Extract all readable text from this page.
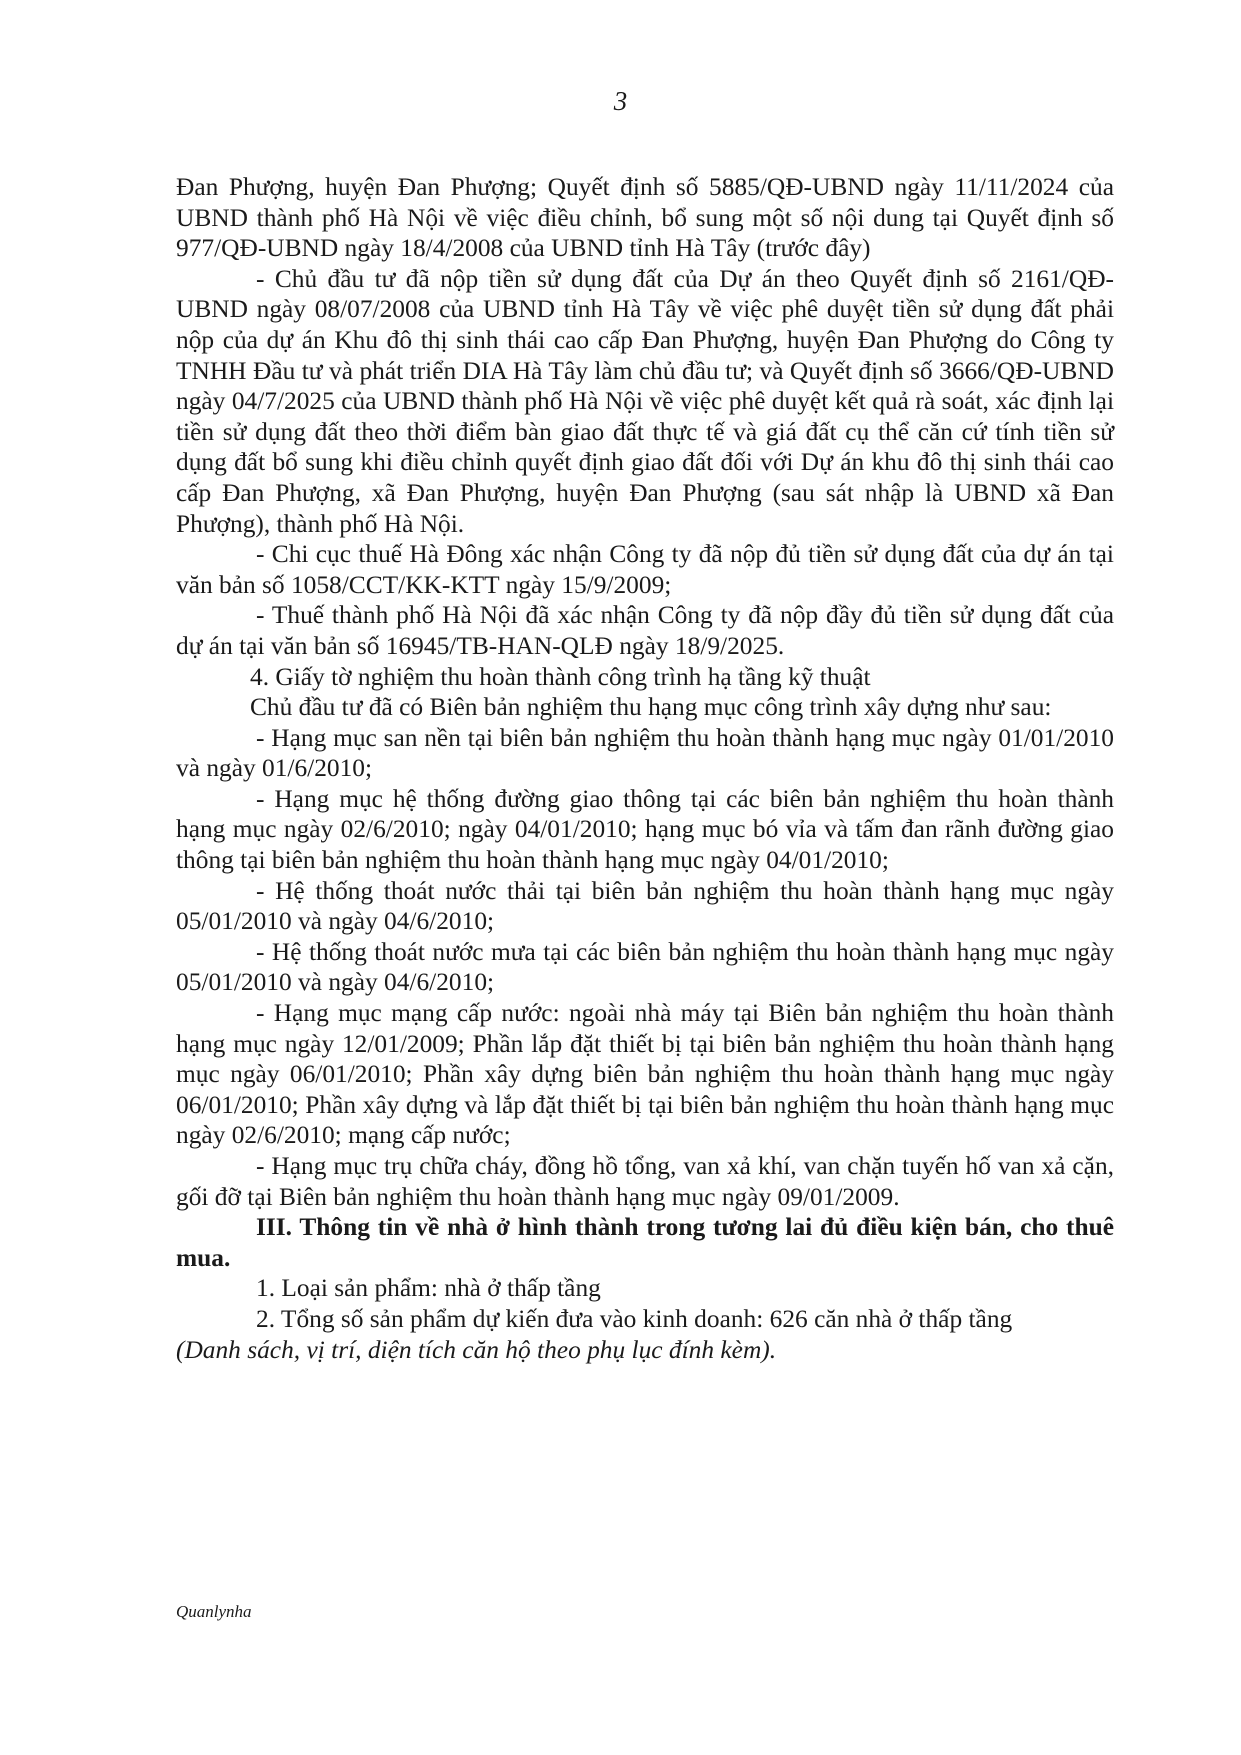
3

Đan Phượng, huyện Đan Phượng; Quyết định số 5885/QĐ-UBND ngày 11/11/2024 của UBND thành phố Hà Nội về việc điều chỉnh, bổ sung một số nội dung tại Quyết định số 977/QĐ-UBND ngày 18/4/2008 của UBND tỉnh Hà Tây (trước đây)

- Chủ đầu tư đã nộp tiền sử dụng đất của Dự án theo Quyết định số 2161/QĐ-UBND ngày 08/07/2008 của UBND tỉnh Hà Tây về việc phê duyệt tiền sử dụng đất phải nộp của dự án Khu đô thị sinh thái cao cấp Đan Phượng, huyện Đan Phượng do Công ty TNHH Đầu tư và phát triển DIA Hà Tây làm chủ đầu tư; và Quyết định số 3666/QĐ-UBND ngày 04/7/2025 của UBND thành phố Hà Nội về việc phê duyệt kết quả rà soát, xác định lại tiền sử dụng đất theo thời điểm bàn giao đất thực tế và giá đất cụ thể căn cứ tính tiền sử dụng đất bổ sung khi điều chỉnh quyết định giao đất đối với Dự án khu đô thị sinh thái cao cấp Đan Phượng, xã Đan Phượng, huyện Đan Phượng (sau sát nhập là UBND xã Đan Phượng), thành phố Hà Nội.

- Chi cục thuế Hà Đông xác nhận Công ty đã nộp đủ tiền sử dụng đất của dự án tại văn bản số 1058/CCT/KK-KTT ngày 15/9/2009;

- Thuế thành phố Hà Nội đã xác nhận Công ty đã nộp đầy đủ tiền sử dụng đất của dự án tại văn bản số 16945/TB-HAN-QLĐ ngày 18/9/2025.

4. Giấy tờ nghiệm thu hoàn thành công trình hạ tầng kỹ thuật

Chủ đầu tư đã có Biên bản nghiệm thu hạng mục công trình xây dựng như sau:

- Hạng mục san nền tại biên bản nghiệm thu hoàn thành hạng mục ngày 01/01/2010 và ngày 01/6/2010;

- Hạng mục hệ thống đường giao thông tại các biên bản nghiệm thu hoàn thành hạng mục ngày 02/6/2010; ngày 04/01/2010; hạng mục bó vỉa và tấm đan rãnh đường giao thông tại biên bản nghiệm thu hoàn thành hạng mục ngày 04/01/2010;

- Hệ thống thoát nước thải tại biên bản nghiệm thu hoàn thành hạng mục ngày 05/01/2010 và ngày 04/6/2010;

- Hệ thống thoát nước mưa tại các biên bản nghiệm thu hoàn thành hạng mục ngày 05/01/2010 và ngày 04/6/2010;

- Hạng mục mạng cấp nước: ngoài nhà máy tại Biên bản nghiệm thu hoàn thành hạng mục ngày 12/01/2009; Phần lắp đặt thiết bị tại biên bản nghiệm thu hoàn thành hạng mục ngày 06/01/2010; Phần xây dựng biên bản nghiệm thu hoàn thành hạng mục ngày 06/01/2010; Phần xây dựng và lắp đặt thiết bị tại biên bản nghiệm thu hoàn thành hạng mục ngày 02/6/2010; mạng cấp nước;

- Hạng mục trụ chữa cháy, đồng hồ tổng, van xả khí, van chặn tuyến hố van xả cặn, gối đỡ tại Biên bản nghiệm thu hoàn thành hạng mục ngày 09/01/2009.

III. Thông tin về nhà ở hình thành trong tương lai đủ điều kiện bán, cho thuê mua.

1. Loại sản phẩm: nhà ở thấp tầng

2. Tổng số sản phẩm dự kiến đưa vào kinh doanh: 626 căn nhà ở thấp tầng

(Danh sách, vị trí, diện tích căn hộ theo phụ lục đính kèm).

Quanlynha
